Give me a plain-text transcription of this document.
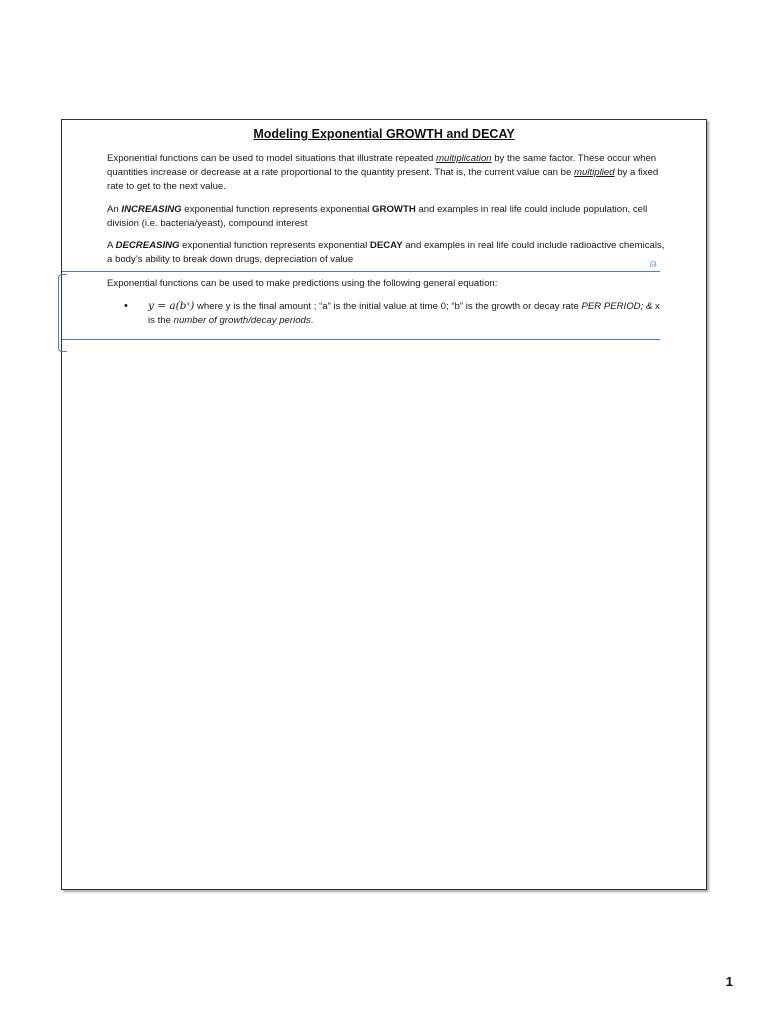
Modeling Exponential GROWTH and DECAY

Exponential functions can be used to model situations that illustrate repeated multiplication by the same factor. These occur when quantities increase or decrease at a rate proportional to the quantity present. That is, the current value can be multiplied by a fixed rate to get to the next value.

An INCREASING exponential function represents exponential GROWTH and examples in real life could include population, cell division (i.e. bacteria/yeast), compound interest

A DECREASING exponential function represents exponential DECAY and examples in real life could include radioactive chemicals, a body’s ability to break down drugs, depreciation of value

Exponential functions can be used to make predictions using the following general equation:

•	y = a(bˣ) where y is the final amount ; “a” is the initial value at time 0; “b” is the growth or decay rate PER PERIOD; & x is the number of growth/decay periods.
⍝
1
